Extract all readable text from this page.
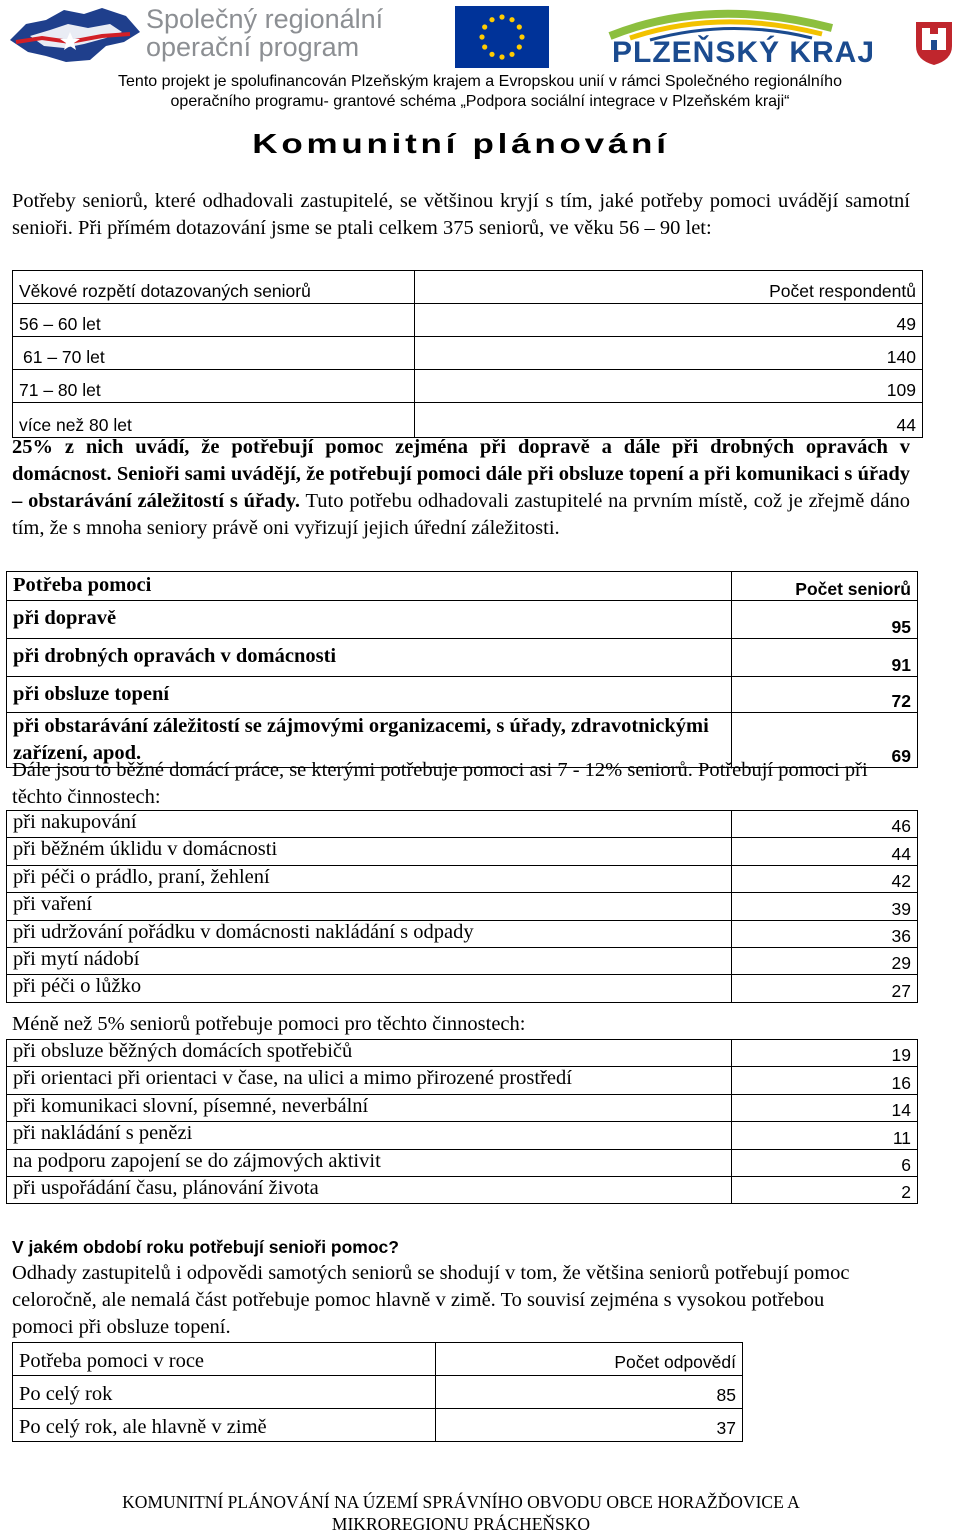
Společný regionální
operační program	PLZEŇSKÝ KRAJ
Tento projekt je spolufinancován Plzeňským krajem a Evropskou unií v rámci Společného regionálního
operačního programu- grantové schéma „Podpora sociální integrace v Plzeňském kraji“
Komunitní plánování

Potřeby seniorů, které odhadovali zastupitelé, se většinou kryjí s tím, jaké potřeby pomoci uvádějí samotní senioři. Při přímém dotazování jsme se ptali celkem 375 seniorů, ve věku 56 – 90 let:

Věkové rozpětí dotazovaných seniorů	Počet respondentů
56 – 60 let	49
61 – 70 let	140
71 – 80 let	109
více než 80 let	44

25% z nich uvádí, že potřebují pomoc zejména při dopravě a dále při drobných opravách v domácnost. Senioři sami uvádějí, že potřebují pomoci dále při obsluze topení a při komunikaci s úřady – obstarávání záležitostí s úřady. Tuto potřebu odhadovali zastupitelé na prvním místě, což je zřejmě dáno tím, že s mnoha seniory právě oni vyřizují jejich úřední záležitosti.

Potřeba pomoci	Počet seniorů
při dopravě	95
při drobných opravách v domácnosti	91
při obsluze topení	72
při obstarávání záležitostí se zájmovými organizacemi, s úřady, zdravotnickými zařízení, apod.	69

Dále jsou to běžné domácí práce, se kterými potřebuje pomoci asi 7 - 12% seniorů. Potřebují pomoci při těchto činnostech:

při nakupování	46
při běžném úklidu v domácnosti	44
při péči o prádlo, praní, žehlení	42
při vaření	39
při udržování pořádku v domácnosti nakládání s odpady	36
při mytí nádobí	29
při péči o lůžko	27

Méně než 5% seniorů potřebuje pomoci pro těchto činnostech:

při obsluze běžných domácích spotřebičů	19
při orientaci při orientaci v čase, na ulici a mimo přirozené prostředí	16
při komunikaci slovní, písemné, neverbální	14
při nakládání s penězi	11
na podporu zapojení se do zájmových aktivit	6
při uspořádání času, plánování života	2
V jakém období roku potřebují senioři pomoc?

Odhady zastupitelů i odpovědi samotých seniorů se shodují v tom, že většina seniorů potřebují pomoc celoročně, ale nemalá část potřebuje pomoc hlavně v zimě. To souvisí zejména s vysokou potřebou pomoci při obsluze topení.

Potřeba pomoci v roce	Počet odpovědí
Po celý rok	85
Po celý rok, ale hlavně v zimě	37
KOMUNITNÍ PLÁNOVÁNÍ NA ÚZEMÍ SPRÁVNÍHO OBVODU OBCE HORAŽĎOVICE A
MIKROREGIONU PRÁCHEŇSKO
